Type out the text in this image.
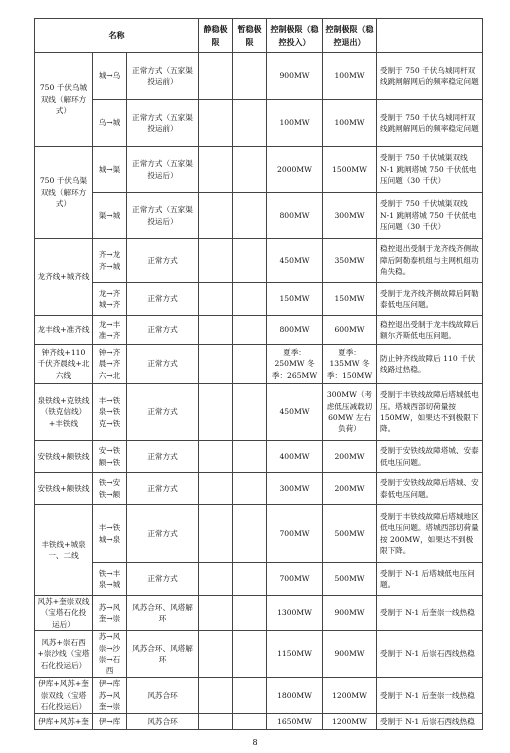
名称			静稳极限	暂稳极限	控制极限（稳控投入）	控制极限（稳控退出）	
750 千伏乌城双线（解环方式）	城→乌	正常方式（五家渠投运前）			900MW	100MW	受制于 750 千伏乌城同杆双线跳闸解网后的频率稳定问题
	乌→城	正常方式（五家渠投运前）			100MW	100MW	受制于 750 千伏乌城同杆双线跳闸解网后的频率稳定问题
750 千伏乌渠双线（解环方式）	城→渠	正常方式（五家渠投运后）			2000MW	1500MW	受制于 750 千伏城渠双线 N-1 跳闸塔城 750 千伏低电压问题（30 千伏）
	渠→城	正常方式（五家渠投运后）			800MW	300MW	受制于 750 千伏城渠双线 N-1 跳闸塔城 750 千伏低电压问题（30 千伏）
龙齐线+城齐线	齐→龙 齐→城	正常方式			450MW	350MW	稳控退出受制于龙齐线齐侧故障后阿勒泰机组与主网机组功角失稳。
	龙→齐 城→齐	正常方式			150MW	150MW	受制于龙齐线齐侧故障后阿勒泰低电压问题。
龙丰线+准齐线	龙→丰 准→齐	正常方式			800MW	600MW	稳控退出受制于龙丰线故障后额尔齐斯低电压问题。
钟齐线+110 千伏齐晨线+北六线	钟→齐 晨→齐 六→北	正常方式			夏季：250MW 冬季：265MW	夏季：135MW 冬季：150MW	防止钟齐线故障后 110 千伏线路过热稳。
泉铁线+克铁线（铁克信线）+丰铁线	丰→铁 泉→铁 克→铁	正常方式			450MW	300MW（考虑低压减载切 60MW 左右负荷）	受制于丰铁线故障后塔城低电压。塔城西部切荷量按 150MW，如果达不到极限下降。
安铁线+额铁线	安→铁 额→铁	正常方式			400MW	200MW	受制于安铁线故障塔城、安泰低电压问题。
安铁线+额铁线	铁→安 铁→额	正常方式			300MW	200MW	受制于安铁线故障后塔城、安泰低电压问题。
丰铁线+城泉一、二线	丰→铁 城→泉	正常方式			700MW	500MW	受制于丰铁线故障后塔城地区低电压问题。塔城西部切荷量按 200MW，如果达不到极限下降。
	铁→丰 泉→城	正常方式			700MW	500MW	受制于 N-1 后塔城低电压问题。
风苏+奎崇双线（宝塔石化投运后）	苏→风 奎→崇	风苏合环、风塔解环			1300MW	900MW	受制于 N-1 后奎崇一线热稳
风苏+崇石西+崇沙线（宝塔石化投运后）	苏→风 崇→沙 崇→石西	风苏合环、风塔解环			1150MW	900MW	受制于 N-1 后崇石西线热稳
伊库+风苏+奎崇双线（宝塔石化投运后）	伊→库 苏→风 奎→崇	风苏合环			1800MW	1200MW	受制于 N-1 后奎崇一线热稳
伊库+风苏+奎	伊→库	风苏合环			1650MW	1200MW	受制于 N-1 后崇石西线热稳
8
